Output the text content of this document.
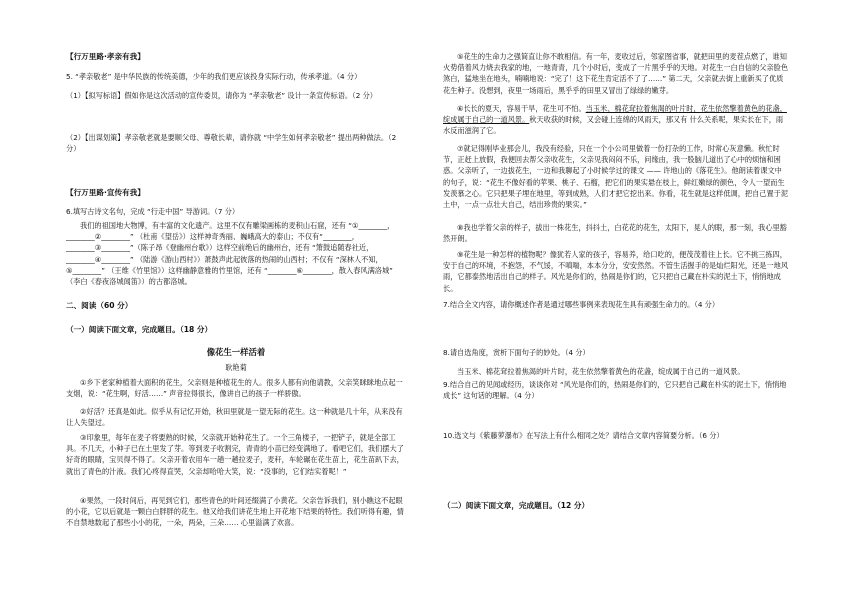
【行万里路·孝亲有我】

5. “孝亲敬老” 是中华民族的传统美德，少年的我们更应该投身实际行动，传承孝道。（4 分）

（1）【拟写标语】假如你是这次活动的宣传委员，请你为 “孝亲敬老” 设计一条宣传标语。（2 分）

（2）【出谋划策】孝亲敬老就是要顺父母、尊敬长辈，请你就 “中学生如何孝亲敬老” 提出两种做法。（2 分）

【行万里路·宣传有我】

6.填写古诗文名句，完成 “行走中国” 导游词。（7 分）

我们的祖国地大物博，有丰富的文化遗产。这里不仅有雕梁画栋的麦积山石窟，还有 “①________，________②________” （杜甫《望岳》）这样神奇秀丽、巍峨高大的泰山；不仅有“________，________③________”（陈子昂《登幽州台歌》）这样空前绝后的幽州台，还有 “箫鼓追随春社近，________④________” （陆游《游山西村》）萧鼓声此起彼落的热闹的山西村；不仅有 “深林人不知，⑤________” （王维《竹里馆》）这样幽静意雅的竹里馆，还有 “________⑥________，散入春风满洛城” （李白《春夜洛城闻笛》）的古都洛城。

二、阅读（60 分）

（一）阅读下面文章，完成题目。（18 分）

像花生一样活着

耿艳菊

①乡下老家种植着大面积的花生，父亲则是种植花生的人。很多人都有向他请教，父亲笑眯眯地点起一支烟，说：“花生啊，好活……” 声音拉得很长，像讲自己的孩子一样骄傲。

②好活？还真是如此。似乎从有记忆开始，秋田里就是一望无际的花生。这一种就是几十年，从来没有让人失望过。

③印象里，每年在麦子将要熟的时候，父亲就开始种花生了。一个三角楼子，一把铲子，就是全部工具。不几天，小种子已在土里发了芽。等到麦子收割完，青青的小苗已经变满地了。看吧它们，我们摆大了好奇的眼睛，宝贝得不得了。父亲开着农用车一趟一趟拉麦子，麦秆，车轮碾在花生苗上，花生苗趴下去，就出了青色的汁液。我们心疼得直哭，父亲却哈哈大笑，说：“没事的，它们结实着呢！”

④果然，一段时间后，再见到它们，那些青色的叶间还缀满了小黄花。父亲告诉我们，别小瞧这不起眼的小花，它以后就是一颗白白胖胖的花生。他又给我们讲花生地上开花地下结果的特性。我们听得有趣，情不自禁地数起了那些小小的花，一朵，两朵，三朵…… 心里溢满了欢喜。

⑤花生的生命力之强简直让你不敢相信。有一年，麦收过后，邻家图省事，就把田里的麦茬点燃了，谁知火势借着风力烧去我家的地，一地青青，几个小时后，变成了一片黑乎乎的天地。对花生一白自信的父亲脸色煞白，猛地坐在地头，喃喃地说：“完了！这下花生肯定活不了了……” 第二天，父亲就去街上重新买了优质花生种子。没想到，夜里一场雨后，黑乎乎的田里又冒出了绿绿的嫩芽。

⑥长长的夏天，容易干旱，花生可不怕。当玉米、棉花耷拉着焦渴的叶片时，花生依然擎着黄色的花盏，绽成属于自己的一道风景。秋天收获的时候，又会碰上连绵的风雨天，那又有 什么关系呢，果实长在下，雨水反而滋润了它。

⑦就记得刚毕业那会儿，我没有经验，只在一个小公司里做着一份打杂的工作，时常心灰意懒。秋忙时节，正赶上放假，我便回去帮父亲收花生，父亲见我闷闷不乐，问缘由，我一股脑儿道出了心中的烦恼和困惑。父亲听了，一边拔花生，一边和我聊起了小时候学过的课文 —— 许地山的《落花生》。他朗读着课文中的句子，说：“花生不像好看的苹果、桃子、石榴，把它们的果实悬在枝上，鲜红嫩绿的颜色，令人一望而生发羡慕之心。它只把果子埋在地里，等到成熟，人们才把它挖出来。你看，花生就是这样低调，把自己置于泥土中，一点一点壮大自己，结出珍贵的果实。”

⑧我也学着父亲的样子，拔出一株花生，抖抖土，白花花的花生，太阳下，晃人的眼，那一刻，我心里豁然开朗。

⑨花生是一种怎样的植物呢？像犹若人家的孩子，容易养，给口吃的，便茂茂着往上长。它不挑三拣四，安于自己的环境，不抱怨，不气馁，不嗔喘，本本分分，安安然然。不管生活握手的是灿烂阳光，还是一地风雨，它都泰然地活出自己的样子。风光是你们的，热闹是你们的，它只把自己藏在朴实的泥土下，悄悄地成长。

7.结合全文内容，请你概述作者是通过哪些事例来表现花生具有顽强生命力的。（4 分）

8.请自选角度，赏析下面句子的妙处。（4 分）

当玉米、棉花耷拉着焦渴的叶片时，花生依然擎着黄色的花盏，绽成属于自己的一道风景。

9.结合自己的见闻或经历，谈谈你对 “风光是你们的，热闹是你们的，它只把自己藏在朴实的泥土下，悄悄地成长” 这句话的理解。（4 分）

10.选文与《紫藤萝瀑布》在写法上有什么相同之处？请结合文章内容简要分析。（6 分）

（二）阅读下面文章，完成题目。（12 分）
